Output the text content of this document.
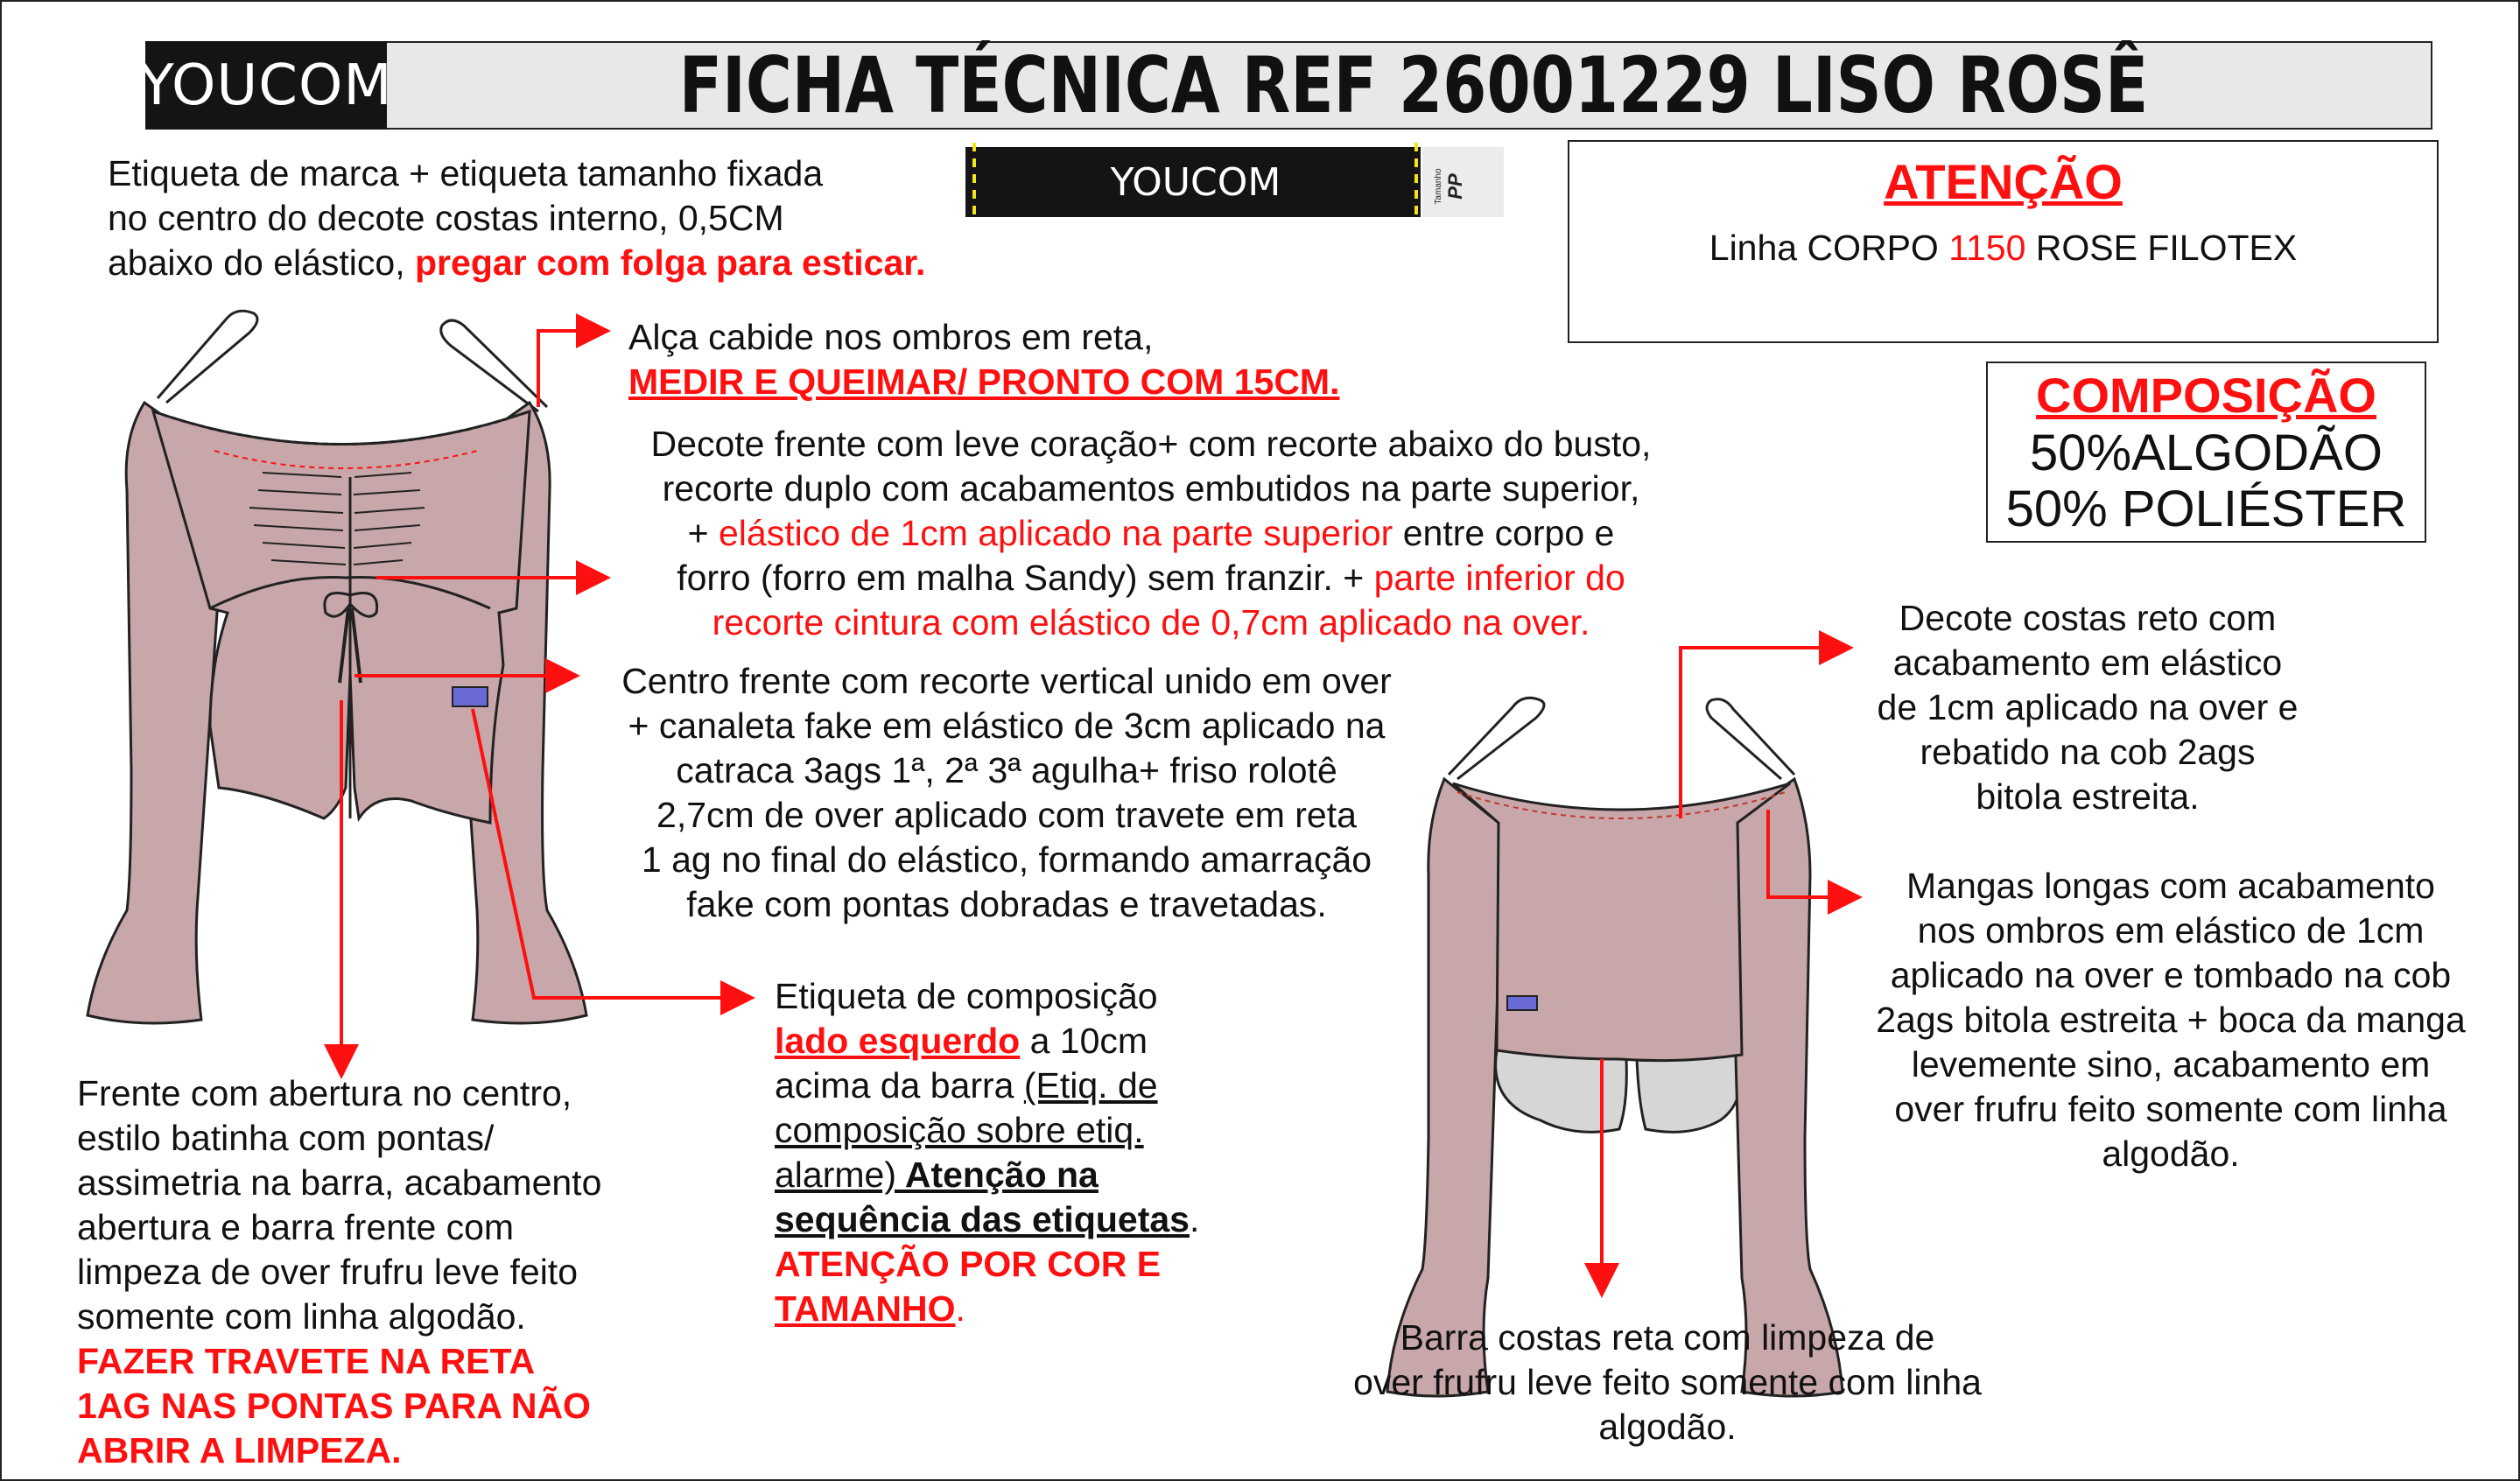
YOUCOM	FICHA TÉCNICA REF 26001229 LISO ROSÊ
YOUCOM	Tamanho PP	ATENÇÃO
Linha CORPO 1150 ROSE FILOTEX
COMPOSIÇÃO
50%ALGODÃO
50% POLIÉSTER
Etiqueta de marca + etiqueta tamanho fixada
no centro do decote costas interno, 0,5CM
abaixo do elástico, pregar com folga para esticar.
Alça cabide nos ombros em reta,
MEDIR E QUEIMAR/ PRONTO COM 15CM.
Decote frente com leve coração+ com recorte abaixo do busto,
recorte duplo com acabamentos embutidos na parte superior,
+ elástico de 1cm aplicado na parte superior entre corpo e
forro (forro em malha Sandy) sem franzir. + parte inferior do
recorte cintura com elástico de 0,7cm aplicado na over.
Centro frente com recorte vertical unido em over
+ canaleta fake em elástico de 3cm aplicado na
catraca 3ags 1ª, 2ª 3ª agulha+ friso rolotê
2,7cm de over aplicado com travete em reta
1 ag no final do elástico, formando amarração
fake com pontas dobradas e travetadas.
Etiqueta de composição
lado esquerdo a 10cm
acima da barra (Etiq. de
composição sobre etiq.
alarme) Atenção na
sequência das etiquetas.
ATENÇÃO POR COR E
TAMANHO.
Frente com abertura no centro,
estilo batinha com pontas/
assimetria na barra, acabamento
abertura e barra frente com
limpeza de over frufru leve feito
somente com linha algodão.
FAZER TRAVETE NA RETA
1AG NAS PONTAS PARA NÃO
ABRIR A LIMPEZA.
Decote costas reto com
acabamento em elástico
de 1cm aplicado na over e
rebatido na cob 2ags
bitola estreita.
Mangas longas com acabamento
nos ombros em elástico de 1cm
aplicado na over e tombado na cob
2ags bitola estreita + boca da manga
levemente sino, acabamento em
over frufru feito somente com linha
algodão.
Barra costas reta com limpeza de
over frufru leve feito somente com linha
algodão.
